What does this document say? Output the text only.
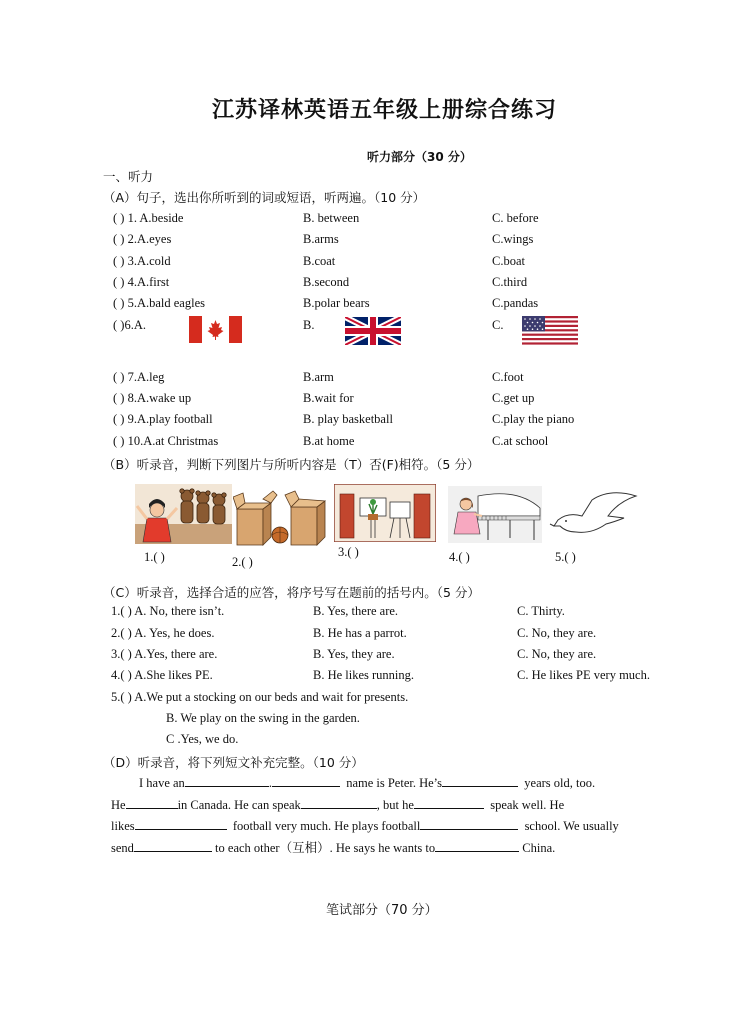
江苏译林英语五年级上册综合练习
听力部分（30 分）
一、听力
（A）句子，选出你所听到的词或短语，听两遍。（10 分）
( ) 1. A.beside	B. between	C. before
( ) 2.A.eyes	B.arms	C.wings
( ) 3.A.cold	B.coat	C.boat
( ) 4.A.first	B.second	C.third
( ) 5.A.bald eagles	B.polar bears	C.pandas
( )6.A.	B.	C.
( ) 7.A.leg	B.arm	C.foot
( ) 8.A.wake up	B.wait for	C.get up
( ) 9.A.play football	B. play basketball	C.play the piano
( ) 10.A.at Christmas	B.at home	C.at school
（B）听录音，判断下列图片与所听内容是（T）否(F)相符。（5 分）
1.( )	2.( )
3.( )	4.( )	5.( )
（C）听录音，选择合适的应答，将序号写在题前的括号内。（5 分）
1.( ) A. No, there isn’t.	B. Yes, there are.	C. Thirty.
2.( ) A. Yes, he does.	B. He has a parrot.	C. No, they are.
3.( ) A.Yes, there are.	B. Yes, they are.	C. No, they are.
4.( ) A.She likes PE.	B. He likes running.	C. He likes PE very much.
5.( ) A.We put a stocking on our beds and wait for presents.
B. We play on the swing in the garden.
C .Yes, we do.
（D）听录音，将下列短文补充完整。（10 分）
I have an	.	name is Peter. He’s	years old, too.
He	in Canada. He can speak	, but he	speak well. He
likes	football very much. He plays football	school. We usually
send	to each other（互相）. He says he wants to	China.
笔试部分（70 分）
